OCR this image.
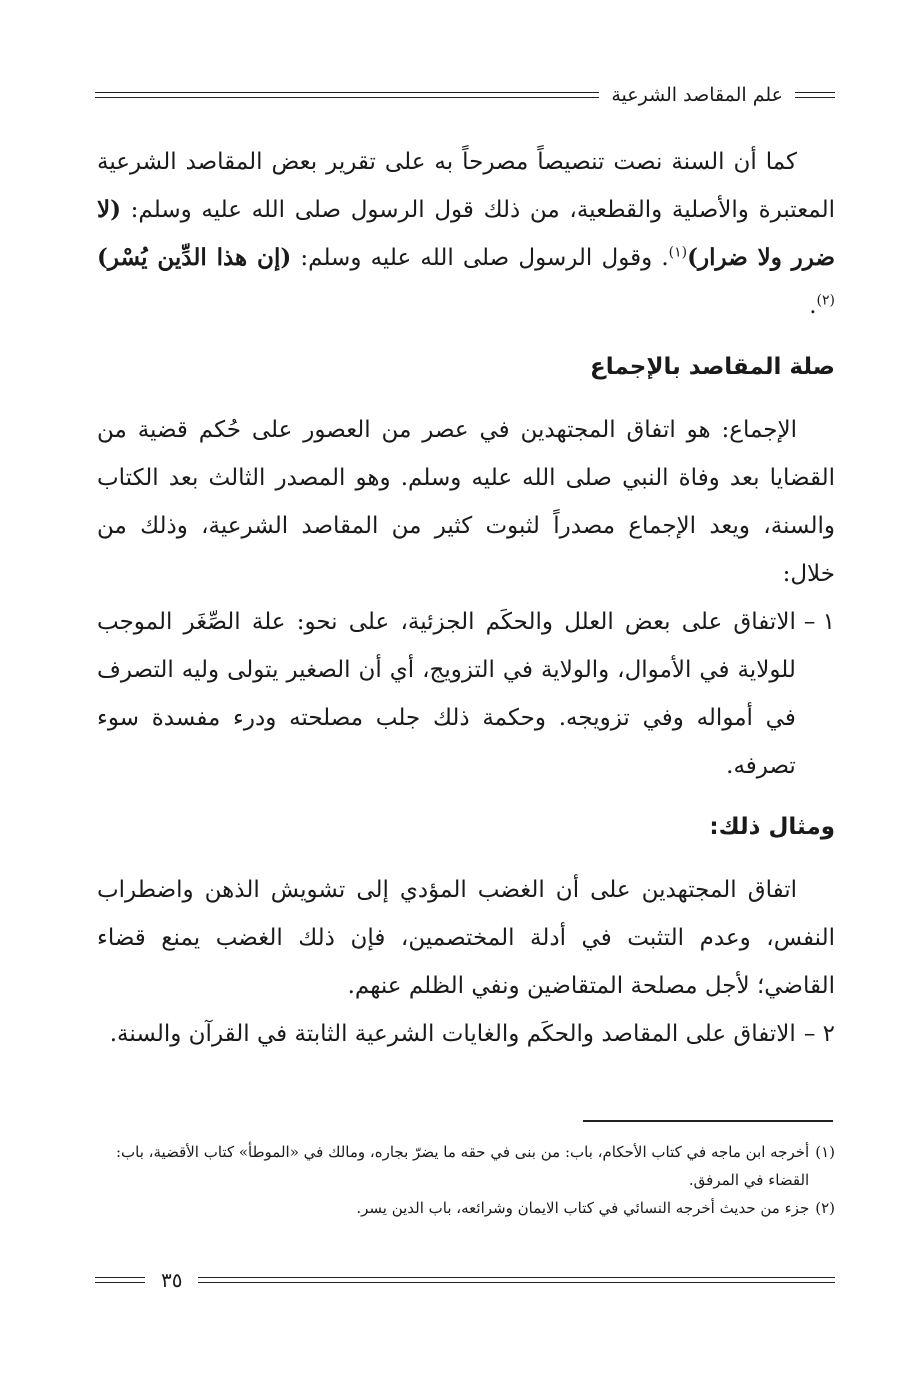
علم المقاصد الشرعية

كما أن السنة نصت تنصيصاً مصرحاً به على تقرير بعض المقاصد الشرعية المعتبرة والأصلية والقطعية، من ذلك قول الرسول صلى الله عليه وسلم: (لا ضرر ولا ضرار)$^{(١)}$. وقول الرسول صلى الله عليه وسلم: (إن هذا الدِّين يُسْر)$^{(٢)}$.

صلة المقاصد بالإجماع

الإجماع: هو اتفاق المجتهدين في عصر من العصور على حُكم قضية من القضايا بعد وفاة النبي صلى الله عليه وسلم. وهو المصدر الثالث بعد الكتاب والسنة، ويعد الإجماع مصدراً لثبوت كثير من المقاصد الشرعية، وذلك من خلال:

١ –
الاتفاق على بعض العلل والحكَم الجزئية، على نحو: علة الصِّغَر الموجب للولاية في الأموال، والولاية في التزويج، أي أن الصغير يتولى وليه التصرف في أمواله وفي تزويجه. وحكمة ذلك جلب مصلحته ودرء مفسدة سوء تصرفه.
ومثال ذلك:

اتفاق المجتهدين على أن الغضب المؤدي إلى تشويش الذهن واضطراب النفس، وعدم التثبت في أدلة المختصمين، فإن ذلك الغضب يمنع قضاء القاضي؛ لأجل مصلحة المتقاضين ونفي الظلم عنهم.

٢ –
الاتفاق على المقاصد والحكَم والغايات الشرعية الثابتة في القرآن والسنة.
(١)
أخرجه ابن ماجه في كتاب الأحكام، باب: من بنى في حقه ما يضرّ بجاره، ومالك في «الموطأ» كتاب الأقضية، باب: القضاء في المرفق.
(٢)
جزء من حديث أخرجه النسائي في كتاب الايمان وشرائعه، باب الدين يسر.
٣٥
